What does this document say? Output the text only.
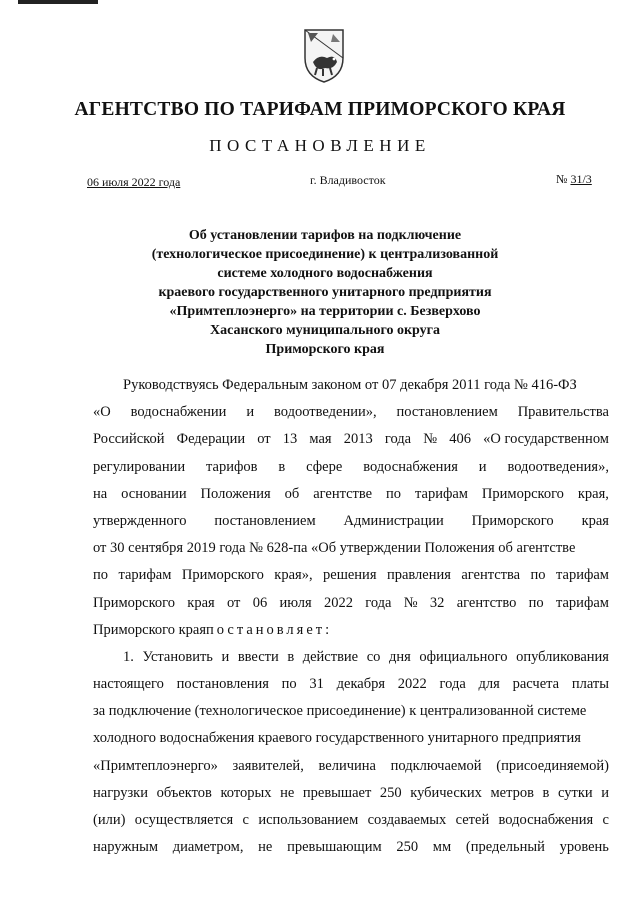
АГЕНТСТВО ПО ТАРИФАМ ПРИМОРСКОГО КРАЯ
ПОСТАНОВЛЕНИЕ
06 июля 2022 года	г. Владивосток	№ 31/3
Об установлении тарифов на подключение
(технологическое присоединение) к централизованной
системе холодного водоснабжения
краевого государственного унитарного предприятия
«Примтеплоэнерго» на территории с. Безверхово
Хасанского муниципального округа
Приморского края
Руководствуясь Федеральным законом от 07 декабря 2011 года № 416-ФЗ
«О водоснабжении и водоотведении», постановлением Правительства
Российской Федерации от 13 мая 2013 года № 406 «О государственном
регулировании тарифов в сфере водоснабжения и водоотведения»,
на основании Положения об агентстве по тарифам Приморского края,
утвержденного постановлением Администрации Приморского края
от 30 сентября 2019 года № 628-па «Об утверждении Положения об агентстве
по тарифам Приморского края», решения правления агентства по тарифам
Приморского края от 06 июля 2022 года № 32 агентство по тарифам
Приморского края постановляет:
1. Установить и ввести в действие со дня официального опубликования
настоящего постановления по 31 декабря 2022 года для расчета платы
за подключение (технологическое присоединение) к централизованной системе
холодного водоснабжения краевого государственного унитарного предприятия
«Примтеплоэнерго» заявителей, величина подключаемой (присоединяемой)
нагрузки объектов которых не превышает 250 кубических метров в сутки и
(или) осуществляется с использованием создаваемых сетей водоснабжения с
наружным диаметром, не превышающим 250 мм (предельный уровень
